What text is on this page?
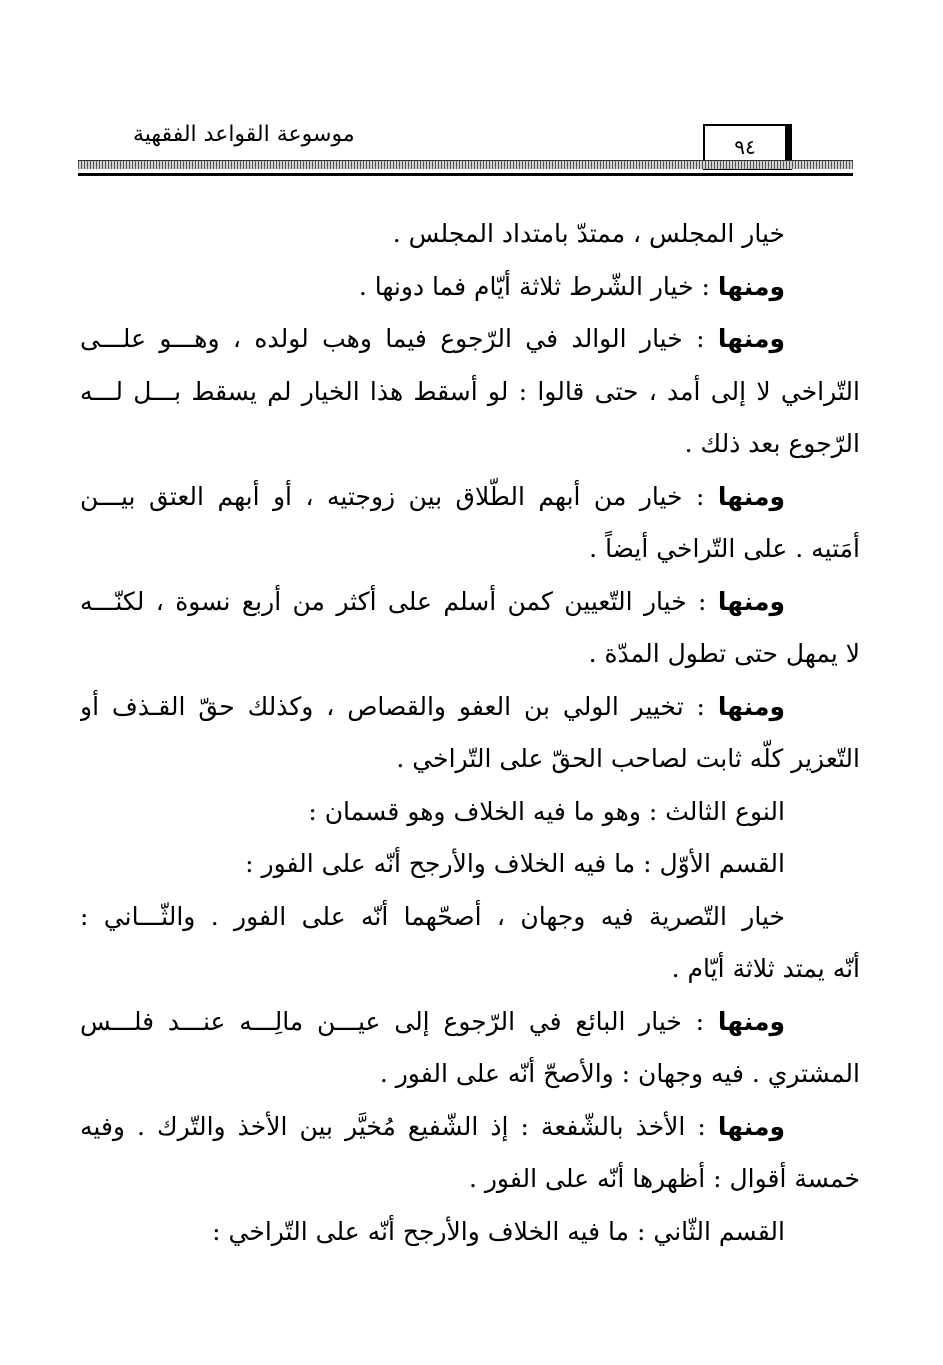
موسوعة القواعد الفقهية	٩٤
خيار المجلس ، ممتدّ بامتداد المجلس .
ومنها : خيار الشّرط ثلاثة أيّام فما دونها .
ومنها : خيار الوالد في الرّجوع فيما وهب لولده ، وهـــو علـــى
التّراخي لا إلى أمد ، حتى قالوا : لو أسقط هذا الخيار لم يسقط بـــل لـــه
الرّجوع بعد ذلك .
ومنها : خيار من أبهم الطّلاق بين زوجتيه ، أو أبهم العتق بيـــن
أمَتيه . على التّراخي أيضاً .
ومنها : خيار التّعيين كمن أسلم على أكثر من أربع نسوة ، لكنّـــه
لا يمهل حتى تطول المدّة .
ومنها : تخيير الولي بن العفو والقصاص ، وكذلك حقّ القـذف أو
التّعزير كلّه ثابت لصاحب الحقّ على التّراخي .
النوع الثالث : وهو ما فيه الخلاف وهو قسمان :
القسم الأوّل : ما فيه الخلاف والأرجح أنّه على الفور :
خيار التّصرية فيه وجهان ، أصحّهما أنّه على الفور . والثّـــاني :
أنّه يمتد ثلاثة أيّام .
ومنها : خيار البائع في الرّجوع إلى عيـــن مالِـــه عنـــد فلـــس
المشتري . فيه وجهان : والأصحّ أنّه على الفور .
ومنها : الأخذ بالشّفعة : إذ الشّفيع مُخيَّر بين الأخذ والتّرك . وفيه
خمسة أقوال : أظهرها أنّه على الفور .
القسم الثّاني : ما فيه الخلاف والأرجح أنّه على التّراخي :
